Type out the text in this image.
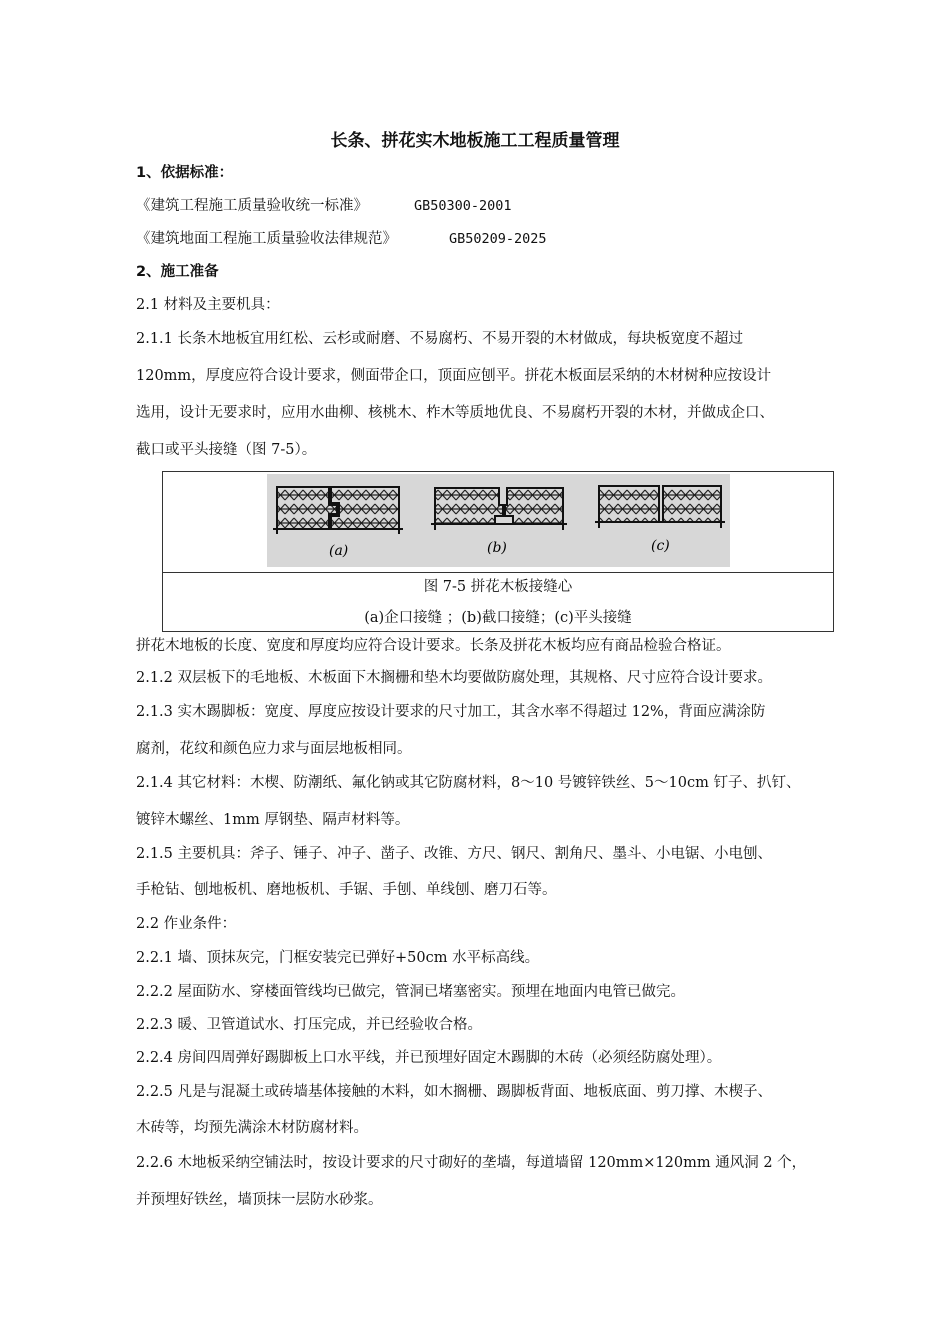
长条、拼花实木地板施工工程质量管理
1、依据标准：
《建筑工程施工质量验收统一标准》	GB50300-2001
《建筑地面工程施工质量验收法律规范》	GB50209-2025
2、施工准备
2.1 材料及主要机具：
2.1.1 长条木地板宜用红松、云杉或耐磨、不易腐朽、不易开裂的木材做成，每块板宽度不超过
120mm，厚度应符合设计要求，侧面带企口，顶面应刨平。拼花木板面层采纳的木材树种应按设计
选用，设计无要求时，应用水曲柳、核桃木、柞木等质地优良、不易腐朽开裂的木材，并做成企口、
截口或平头接缝（图 7-5）。
(a)	(b)	(c)
图 7-5 拼花木板接缝心
(a)企口接缝 ；(b)截口接缝；(c)平头接缝
拼花木地板的长度、宽度和厚度均应符合设计要求。长条及拼花木板均应有商品检验合格证。
2.1.2 双层板下的毛地板、木板面下木搁栅和垫木均要做防腐处理，其规格、尺寸应符合设计要求。
2.1.3 实木踢脚板：宽度、厚度应按设计要求的尺寸加工，其含水率不得超过 12%，背面应满涂防
腐剂，花纹和颜色应力求与面层地板相同。
2.1.4 其它材料：木楔、防潮纸、氟化钠或其它防腐材料，8～10 号镀锌铁丝、5～10cm 钉子、扒钉、
镀锌木螺丝、1mm 厚钢垫、隔声材料等。
2.1.5 主要机具：斧子、锤子、冲子、凿子、改锥、方尺、钢尺、割角尺、墨斗、小电锯、小电刨、
手枪钻、刨地板机、磨地板机、手锯、手刨、单线刨、磨刀石等。
2.2 作业条件：
2.2.1 墙、顶抹灰完，门框安装完已弹好+50cm 水平标高线。
2.2.2 屋面防水、穿楼面管线均已做完，管洞已堵塞密实。预埋在地面内电管已做完。
2.2.3 暖、卫管道试水、打压完成，并已经验收合格。
2.2.4 房间四周弹好踢脚板上口水平线，并已预埋好固定木踢脚的木砖（必须经防腐处理）。
2.2.5 凡是与混凝土或砖墙基体接触的木料，如木搁栅、踢脚板背面、地板底面、剪刀撑、木楔子、
木砖等，均预先满涂木材防腐材料。
2.2.6 木地板采纳空铺法时，按设计要求的尺寸砌好的垄墙，每道墙留 120mm×120mm 通风洞 2 个，
并预埋好铁丝，墙顶抹一层防水砂浆。
